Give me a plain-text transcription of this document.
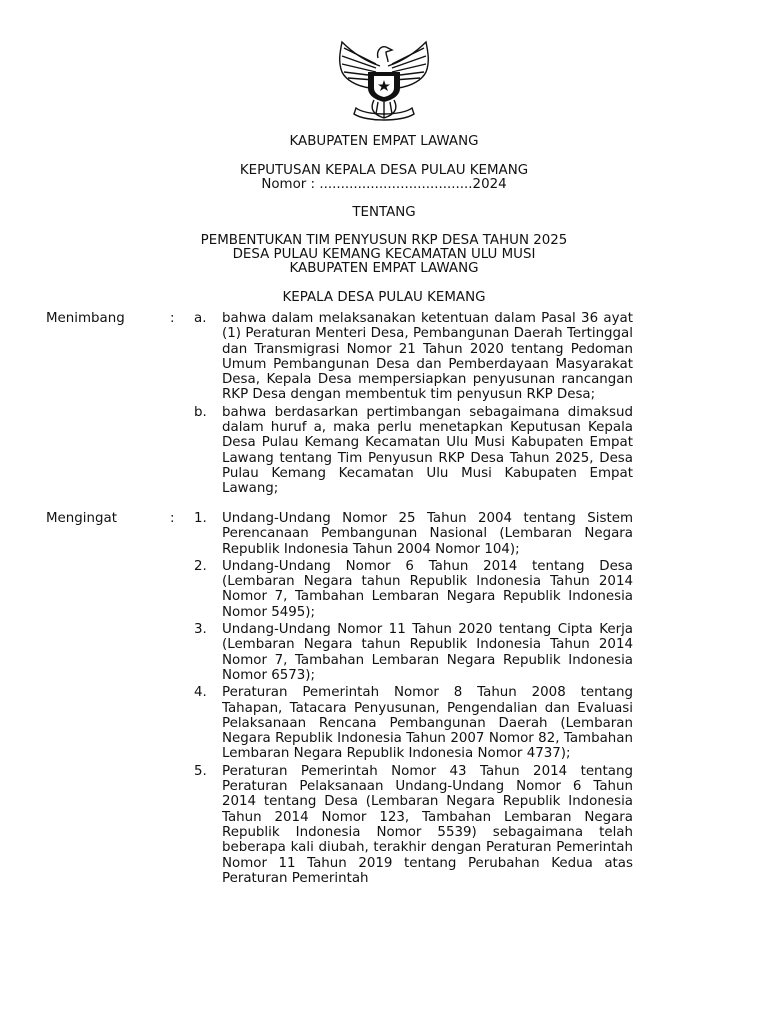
KABUPATEN EMPAT LAWANG
KEPUTUSAN KEPALA DESA PULAU KEMANG
Nomor : ....................................2024
TENTANG
PEMBENTUKAN TIM PENYUSUN RKP DESA TAHUN 2025
DESA PULAU KEMANG KECAMATAN ULU MUSI
KABUPATEN EMPAT LAWANG
KEPALA DESA PULAU KEMANG
Menimbang	: a. bahwa dalam melaksanakan ketentuan dalam Pasal 36 ayat (1) Peraturan Menteri Desa, Pembangunan Daerah Tertinggal dan Transmigrasi Nomor 21 Tahun 2020 tentang Pedoman Umum Pembangunan Desa dan Pemberdayaan Masyarakat Desa, Kepala Desa mempersiapkan penyusunan rancangan RKP Desa dengan membentuk tim penyusun RKP Desa;
b. bahwa berdasarkan pertimbangan sebagaimana dimaksud dalam huruf a, maka perlu menetapkan Keputusan Kepala Desa Pulau Kemang Kecamatan Ulu Musi Kabupaten Empat Lawang tentang Tim Penyusun RKP Desa Tahun 2025, Desa Pulau Kemang Kecamatan Ulu Musi Kabupaten Empat Lawang;
Mengingat	: 1. Undang-Undang Nomor 25 Tahun 2004 tentang Sistem Perencanaan Pembangunan Nasional (Lembaran Negara Republik Indonesia Tahun 2004 Nomor 104);
2. Undang-Undang Nomor 6 Tahun 2014 tentang Desa (Lembaran Negara tahun Republik Indonesia Tahun 2014 Nomor 7, Tambahan Lembaran Negara Republik Indonesia Nomor 5495);
3. Undang-Undang Nomor 11 Tahun 2020 tentang Cipta Kerja (Lembaran Negara tahun Republik Indonesia Tahun 2014 Nomor 7, Tambahan Lembaran Negara Republik Indonesia Nomor 6573);
4. Peraturan Pemerintah Nomor 8 Tahun 2008 tentang Tahapan, Tatacara Penyusunan, Pengendalian dan Evaluasi Pelaksanaan Rencana Pembangunan Daerah (Lembaran Negara Republik Indonesia Tahun 2007 Nomor 82, Tambahan Lembaran Negara Republik Indonesia Nomor 4737);
5. Peraturan Pemerintah Nomor 43 Tahun 2014 tentang Peraturan Pelaksanaan Undang-Undang Nomor 6 Tahun 2014 tentang Desa (Lembaran Negara Republik Indonesia Tahun 2014 Nomor 123, Tambahan Lembaran Negara Republik Indonesia Nomor 5539) sebagaimana telah beberapa kali diubah, terakhir dengan Peraturan Pemerintah Nomor 11 Tahun 2019 tentang Perubahan Kedua atas Peraturan Pemerintah
